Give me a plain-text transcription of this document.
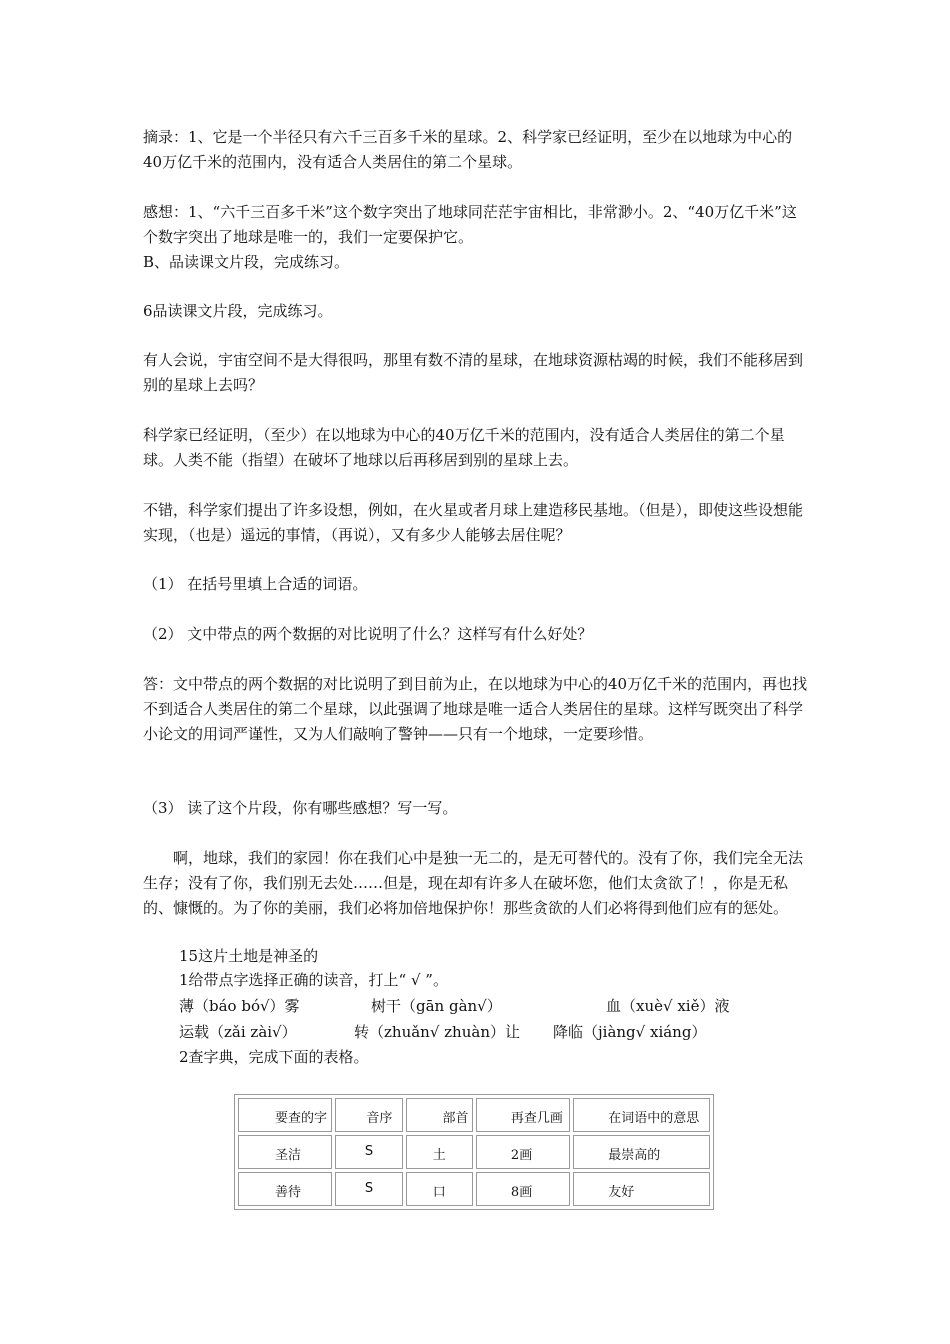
摘录：1、它是一个半径只有六千三百多千米的星球。2、科学家已经证明，至少在以地球为中心的40万亿千米的范围内，没有适合人类居住的第二个星球。

感想：1、“六千三百多千米”这个数字突出了地球同茫茫宇宙相比，非常渺小。2、“40万亿千米”这个数字突出了地球是唯一的，我们一定要保护它。

B、品读课文片段，完成练习。

6品读课文片段，完成练习。

有人会说，宇宙空间不是大得很吗，那里有数不清的星球，在地球资源枯竭的时候，我们不能移居到别的星球上去吗？

科学家已经证明，（至少）在以地球为中心的40万亿千米的范围内，没有适合人类居住的第二个星球。人类不能（指望）在破坏了地球以后再移居到别的星球上去。

不错，科学家们提出了许多设想，例如，在火星或者月球上建造移民基地。（但是），即使这些设想能实现，（也是）遥远的事情，（再说），又有多少人能够去居住呢？

（1） 在括号里填上合适的词语。

（2） 文中带点的两个数据的对比说明了什么？这样写有什么好处？

答：文中带点的两个数据的对比说明了到目前为止，在以地球为中心的40万亿千米的范围内，再也找不到适合人类居住的第二个星球，以此强调了地球是唯一适合人类居住的星球。这样写既突出了科学小论文的用词严谨性，又为人们敲响了警钟——只有一个地球，一定要珍惜。

（3） 读了这个片段，你有哪些感想？写一写。

啊，地球，我们的家园！你在我们心中是独一无二的，是无可替代的。没有了你，我们完全无法生存；没有了你，我们别无去处……但是，现在却有许多人在破坏您，他们太贪欲了！，你是无私的、慷慨的。为了你的美丽，我们必将加倍地保护你！那些贪欲的人们必将得到他们应有的惩处。

15这片土地是神圣的
1给带点字选择正确的读音，打上“ √ ”。
薄（báo bó√）雾	树干（gān gàn√）	血（xuè√ xiě）液
运载（zǎi zài√）	转（zhuǎn√ zhuàn）让 降临（jiàng√ xiáng）
2查字典，完成下面的表格。
要查的字	音序	部首	再查几画	在词语中的意思
圣洁	S	土	2画	最崇高的
善待	S	口	8画	友好
